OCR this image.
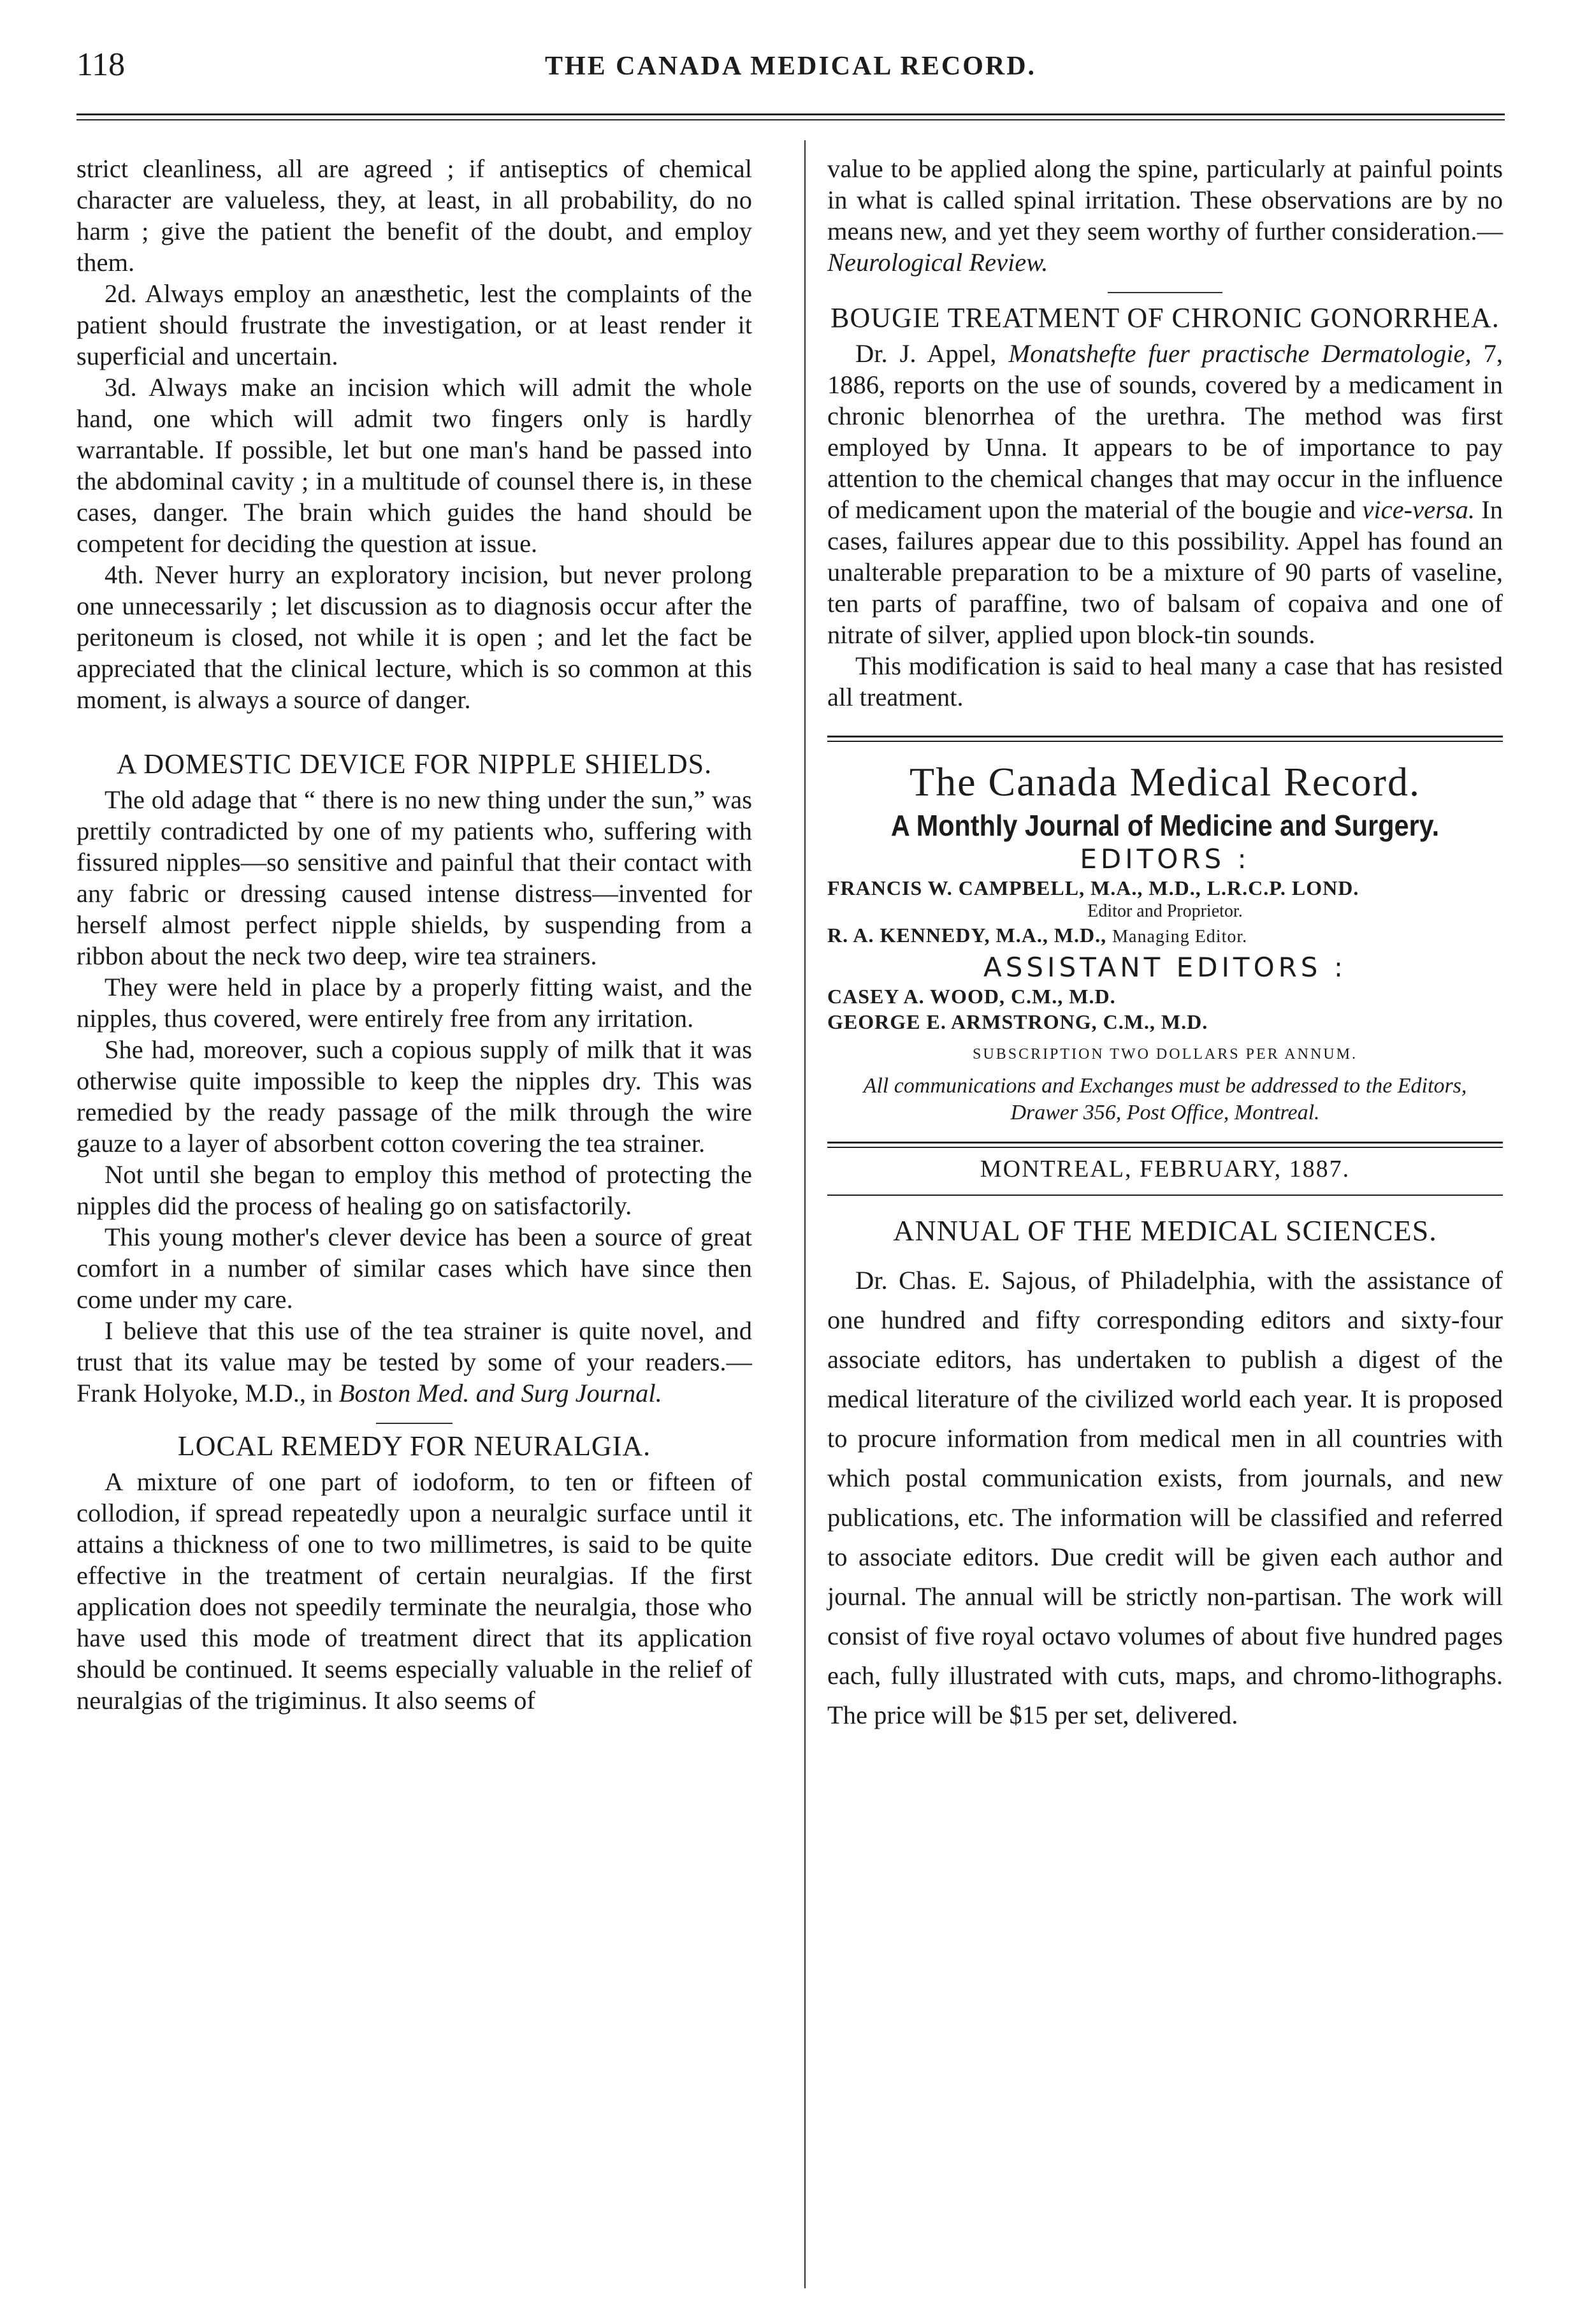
118	THE CANADA MEDICAL RECORD.

strict cleanliness, all are agreed ; if antiseptics of chemical character are valueless, they, at least, in all probability, do no harm ; give the patient the benefit of the doubt, and employ them.

2d. Always employ an anæsthetic, lest the complaints of the patient should frustrate the investigation, or at least render it superficial and uncertain.

3d. Always make an incision which will admit the whole hand, one which will admit two fingers only is hardly warrantable. If possible, let but one man's hand be passed into the abdominal cavity ; in a multitude of counsel there is, in these cases, danger. The brain which guides the hand should be competent for deciding the question at issue.

4th. Never hurry an exploratory incision, but never prolong one unnecessarily ; let discussion as to diagnosis occur after the peritoneum is closed, not while it is open ; and let the fact be appreciated that the clinical lecture, which is so common at this moment, is always a source of danger.

A DOMESTIC DEVICE FOR NIPPLE SHIELDS.

The old adage that “ there is no new thing under the sun,” was prettily contradicted by one of my patients who, suffering with fissured nipples—so sensitive and painful that their contact with any fabric or dressing caused intense distress—invented for herself almost perfect nipple shields, by suspending from a ribbon about the neck two deep, wire tea strainers.

They were held in place by a properly fitting waist, and the nipples, thus covered, were entirely free from any irritation.

She had, moreover, such a copious supply of milk that it was otherwise quite impossible to keep the nipples dry. This was remedied by the ready passage of the milk through the wire gauze to a layer of absorbent cotton covering the tea strainer.

Not until she began to employ this method of protecting the nipples did the process of healing go on satisfactorily.

This young mother's clever device has been a source of great comfort in a number of similar cases which have since then come under my care.

I believe that this use of the tea strainer is quite novel, and trust that its value may be tested by some of your readers.—Frank Holyoke, M.D., in Boston Med. and Surg Journal.

LOCAL REMEDY FOR NEURALGIA.

A mixture of one part of iodoform, to ten or fifteen of collodion, if spread repeatedly upon a neuralgic surface until it attains a thickness of one to two millimetres, is said to be quite effective in the treatment of certain neuralgias. If the first application does not speedily terminate the neuralgia, those who have used this mode of treatment direct that its application should be continued. It seems especially valuable in the relief of neuralgias of the trigiminus. It also seems of

value to be applied along the spine, particularly at painful points in what is called spinal irritation. These observations are by no means new, and yet they seem worthy of further consideration.— Neurological Review.

BOUGIE TREATMENT OF CHRONIC GONORRHEA.

Dr. J. Appel, Monatshefte fuer practische Dermatologie, 7, 1886, reports on the use of sounds, covered by a medicament in chronic blenorrhea of the urethra. The method was first employed by Unna. It appears to be of importance to pay attention to the chemical changes that may occur in the influence of medicament upon the material of the bougie and vice-versa. In cases, failures appear due to this possibility. Appel has found an unalterable preparation to be a mixture of 90 parts of vaseline, ten parts of paraffine, two of balsam of copaiva and one of nitrate of silver, applied upon block-tin sounds.

This modification is said to heal many a case that has resisted all treatment.

The Canada Medical Record.
A Monthly Journal of Medicine and Surgery.
EDITORS :
FRANCIS W. CAMPBELL, M.A., M.D., L.R.C.P. LOND.
Editor and Proprietor.
R. A. KENNEDY, M.A., M.D., Managing Editor.
ASSISTANT EDITORS :
CASEY A. WOOD, C.M., M.D.
GEORGE E. ARMSTRONG, C.M., M.D.
SUBSCRIPTION TWO DOLLARS PER ANNUM.
All communications and Exchanges must be addressed to the Editors, Drawer 356, Post Office, Montreal.
MONTREAL, FEBRUARY, 1887.
ANNUAL OF THE MEDICAL SCIENCES.

Dr. Chas. E. Sajous, of Philadelphia, with the assistance of one hundred and fifty corresponding editors and sixty-four associate editors, has undertaken to publish a digest of the medical literature of the civilized world each year. It is proposed to procure information from medical men in all countries with which postal communication exists, from journals, and new publications, etc. The information will be classified and referred to associate editors. Due credit will be given each author and journal. The annual will be strictly non-partisan. The work will consist of five royal octavo volumes of about five hundred pages each, fully illustrated with cuts, maps, and chromo-lithographs. The price will be $15 per set, delivered.
